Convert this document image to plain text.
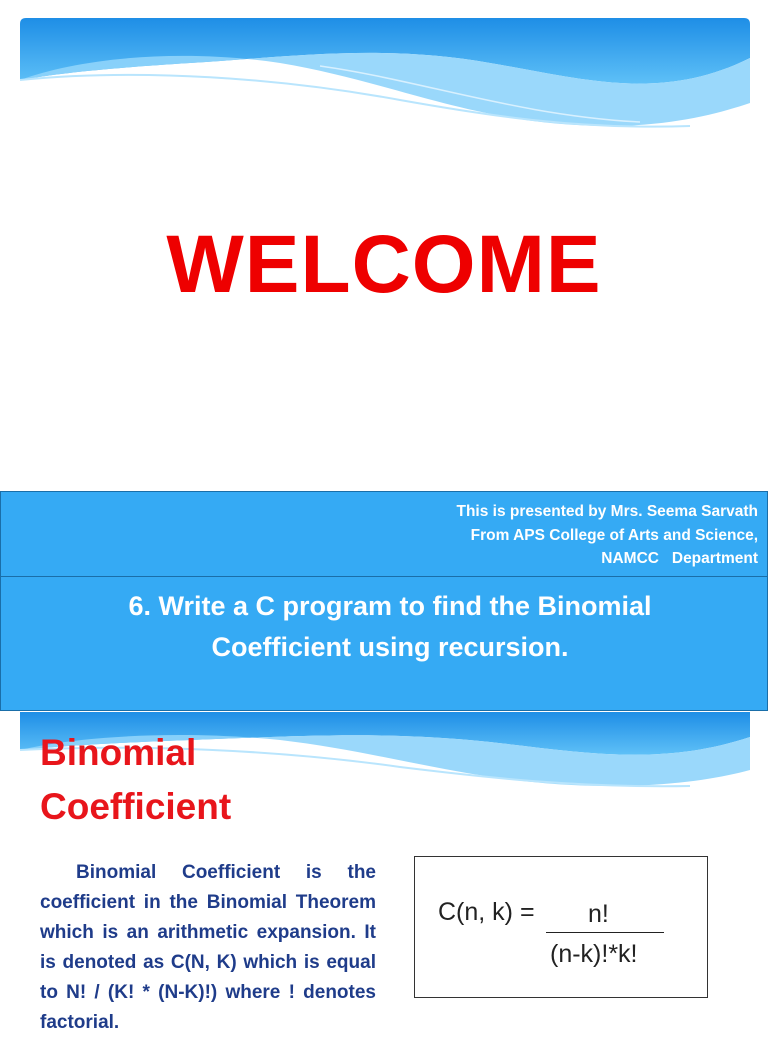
WELCOME
This is presented by Mrs. Seema Sarvath
From APS College of Arts and Science,
NAMCC   Department
6. Write a C program to find the Binomial
Coefficient using recursion.
Binomial
Coefficient
Binomial Coefficient is the coefficient in the Binomial Theorem which is an arithmetic expansion. It is denoted as C(N, K) which is equal to N! / (K! * (N-K)!) where ! denotes factorial.
C(n, k) = n!
(n-k)!*k!
